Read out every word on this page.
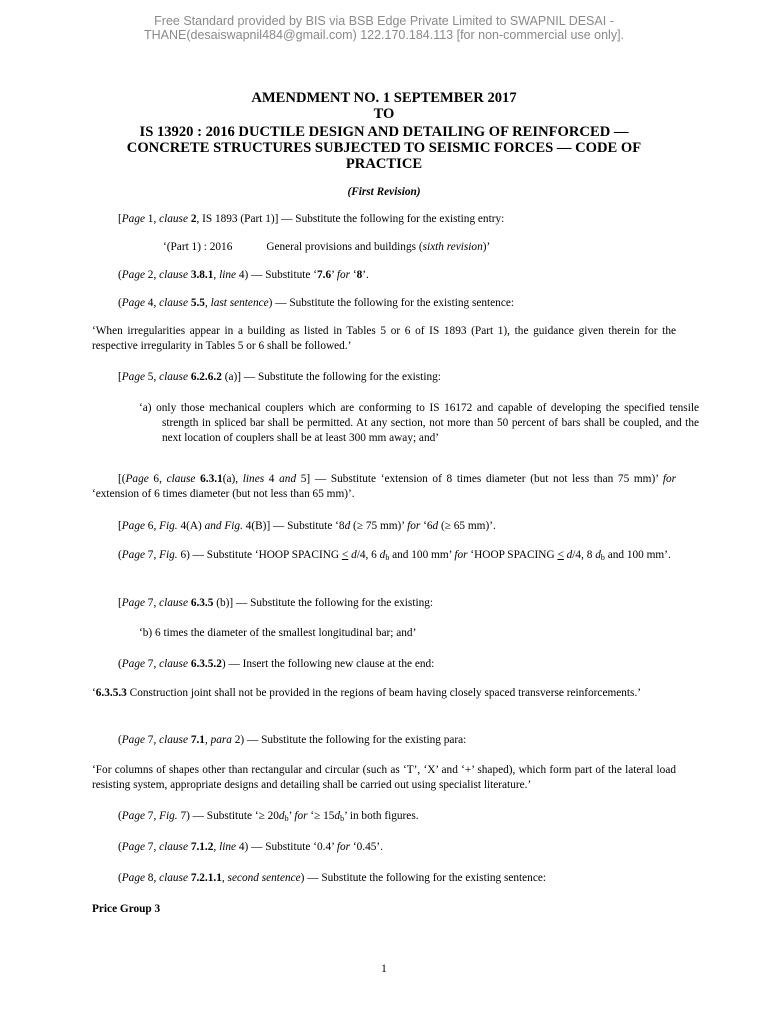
Free Standard provided by BIS via BSB Edge Private Limited to SWAPNIL DESAI -
THANE(desaiswapnil484@gmail.com) 122.170.184.113 [for non-commercial use only].
AMENDMENT NO. 1 SEPTEMBER 2017
TO
IS 13920 : 2016 DUCTILE DESIGN AND DETAILING OF REINFORCED —
CONCRETE STRUCTURES SUBJECTED TO SEISMIC FORCES — CODE OF
PRACTICE
(First Revision)
[Page 1, clause 2, IS 1893 (Part 1)] — Substitute the following for the existing entry:
‘(Part 1) : 2016	General provisions and buildings (sixth revision)’
(Page 2, clause 3.8.1, line 4) — Substitute ‘7.6’ for ‘8’.
(Page 4, clause 5.5, last sentence) — Substitute the following for the existing sentence:
‘When irregularities appear in a building as listed in Tables 5 or 6 of IS 1893 (Part 1), the guidance given therein for the respective irregularity in Tables 5 or 6 shall be followed.’
[Page 5, clause 6.2.6.2 (a)] — Substitute the following for the existing:
‘a) only those mechanical couplers which are conforming to IS 16172 and capable of developing the specified tensile strength in spliced bar shall be permitted. At any section, not more than 50 percent of bars shall be coupled, and the next location of couplers shall be at least 300 mm away; and’
[(Page 6, clause 6.3.1(a), lines 4 and 5] — Substitute ‘extension of 8 times diameter (but not less than 75 mm)’ for ‘extension of 6 times diameter (but not less than 65 mm)’.
[Page 6, Fig. 4(A) and Fig. 4(B)] — Substitute ‘8d (≥ 75 mm)’ for ‘6d (≥ 65 mm)’.
(Page 7, Fig. 6) — Substitute ‘HOOP SPACING < d/4, 6 $d_b$ and 100 mm’ for ‘HOOP SPACING < d/4, 8 $d_b$ and 100 mm’.
[Page 7, clause 6.3.5 (b)] — Substitute the following for the existing:
‘b) 6 times the diameter of the smallest longitudinal bar; and’
(Page 7, clause 6.3.5.2) — Insert the following new clause at the end:
‘6.3.5.3 Construction joint shall not be provided in the regions of beam having closely spaced transverse reinforcements.’
(Page 7, clause 7.1, para 2) — Substitute the following for the existing para:
‘For columns of shapes other than rectangular and circular (such as ‘T’, ‘X’ and ‘+’ shaped), which form part of the lateral load resisting system, appropriate designs and detailing shall be carried out using specialist literature.’
(Page 7, Fig. 7) — Substitute ‘≥ $20d_b$’ for ‘≥ $15d_b$’ in both figures.
(Page 7, clause 7.1.2, line 4) — Substitute ‘0.4’ for ‘0.45’.
(Page 8, clause 7.2.1.1, second sentence) — Substitute the following for the existing sentence:
Price Group 3
1
